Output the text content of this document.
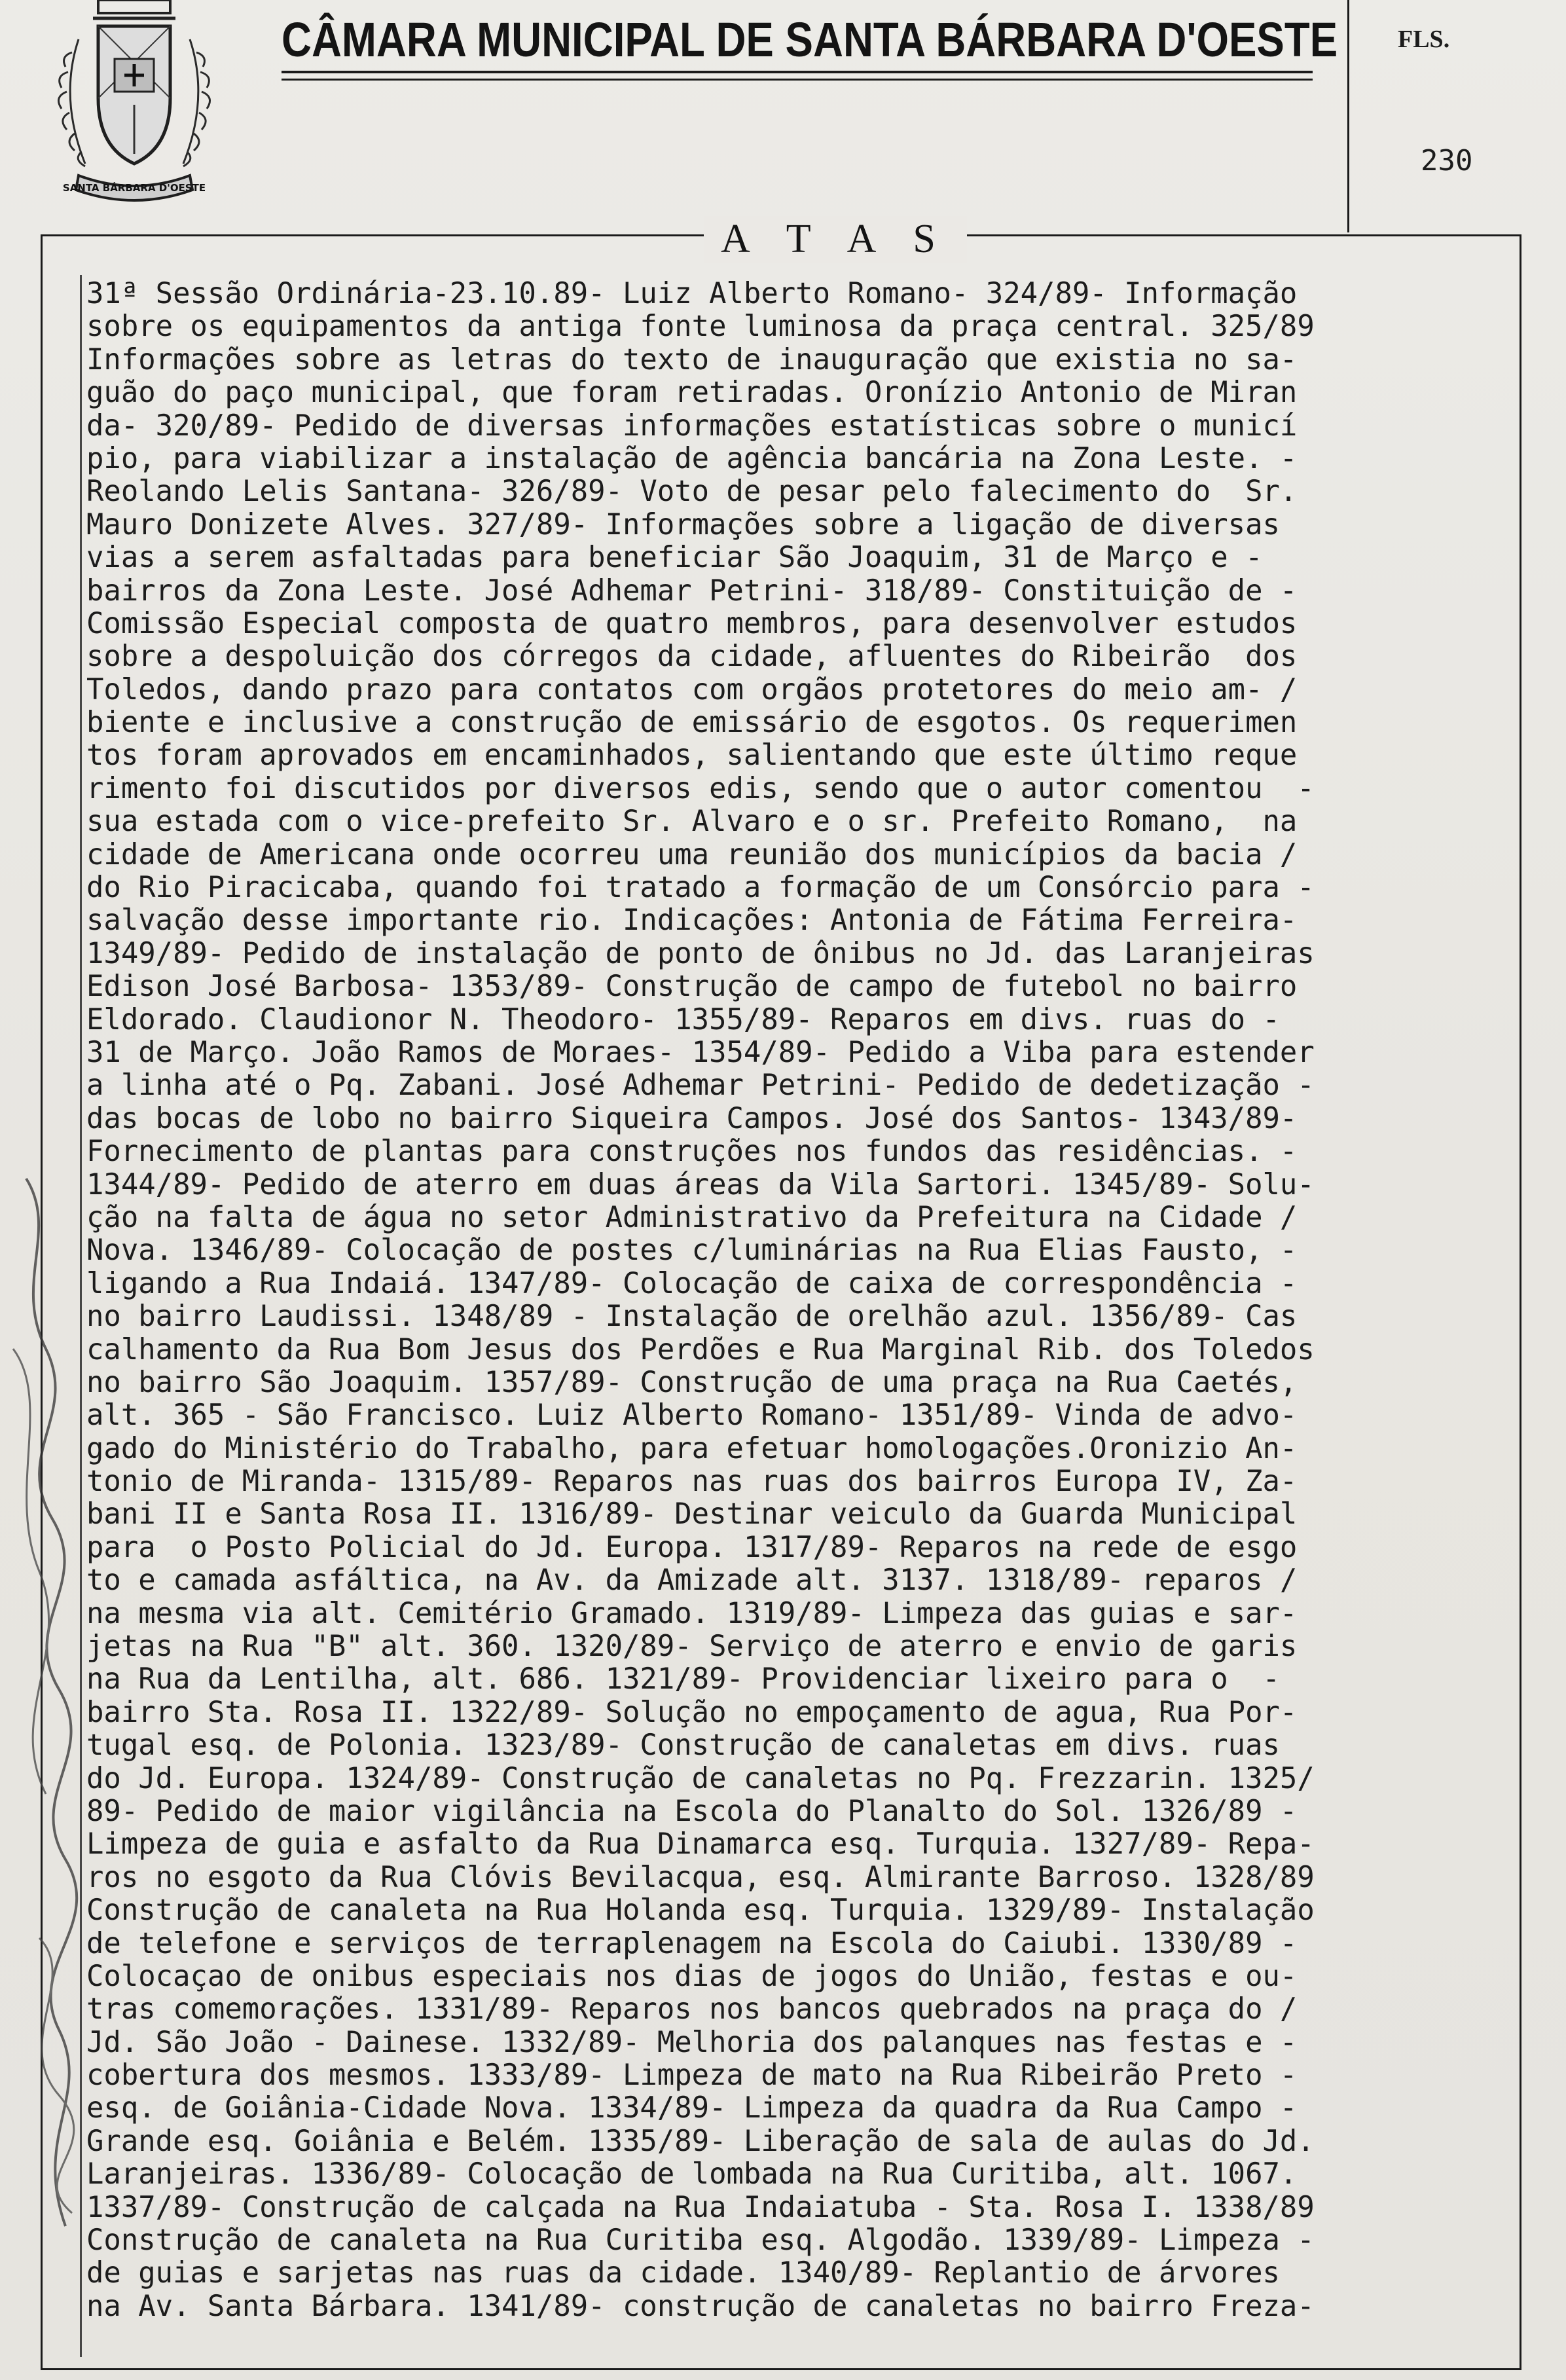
SANTA BÁRBARA D'OESTE
CÂMARA MUNICIPAL DE SANTA BÁRBARA D'OESTE FLS.
230
A T A S
31ª Sessão Ordinária-23.10.89- Luiz Alberto Romano- 324/89- Informação
sobre os equipamentos da antiga fonte luminosa da praça central. 325/89
Informações sobre as letras do texto de inauguração que existia no sa-
guão do paço municipal, que foram retiradas. Oronízio Antonio de Miran
da- 320/89- Pedido de diversas informações estatísticas sobre o municí
pio, para viabilizar a instalação de agência bancária na Zona Leste. -
Reolando Lelis Santana- 326/89- Voto de pesar pelo falecimento do  Sr.
Mauro Donizete Alves. 327/89- Informações sobre a ligação de diversas
vias a serem asfaltadas para beneficiar São Joaquim, 31 de Março e -
bairros da Zona Leste. José Adhemar Petrini- 318/89- Constituição de -
Comissão Especial composta de quatro membros, para desenvolver estudos
sobre a despoluição dos córregos da cidade, afluentes do Ribeirão  dos
Toledos, dando prazo para contatos com orgãos protetores do meio am- /
biente e inclusive a construção de emissário de esgotos. Os requerimen
tos foram aprovados em encaminhados, salientando que este último reque
rimento foi discutidos por diversos edis, sendo que o autor comentou  -
sua estada com o vice-prefeito Sr. Alvaro e o sr. Prefeito Romano,  na
cidade de Americana onde ocorreu uma reunião dos municípios da bacia /
do Rio Piracicaba, quando foi tratado a formação de um Consórcio para -
salvação desse importante rio. Indicações: Antonia de Fátima Ferreira-
1349/89- Pedido de instalação de ponto de ônibus no Jd. das Laranjeiras
Edison José Barbosa- 1353/89- Construção de campo de futebol no bairro
Eldorado. Claudionor N. Theodoro- 1355/89- Reparos em divs. ruas do -
31 de Março. João Ramos de Moraes- 1354/89- Pedido a Viba para estender
a linha até o Pq. Zabani. José Adhemar Petrini- Pedido de dedetização -
das bocas de lobo no bairro Siqueira Campos. José dos Santos- 1343/89-
Fornecimento de plantas para construções nos fundos das residências. -
1344/89- Pedido de aterro em duas áreas da Vila Sartori. 1345/89- Solu-
ção na falta de água no setor Administrativo da Prefeitura na Cidade /
Nova. 1346/89- Colocação de postes c/luminárias na Rua Elias Fausto, -
ligando a Rua Indaiá. 1347/89- Colocação de caixa de correspondência -
no bairro Laudissi. 1348/89 - Instalação de orelhão azul. 1356/89- Cas
calhamento da Rua Bom Jesus dos Perdões e Rua Marginal Rib. dos Toledos
no bairro São Joaquim. 1357/89- Construção de uma praça na Rua Caetés,
alt. 365 - São Francisco. Luiz Alberto Romano- 1351/89- Vinda de advo-
gado do Ministério do Trabalho, para efetuar homologações.Oronizio An-
tonio de Miranda- 1315/89- Reparos nas ruas dos bairros Europa IV, Za-
bani II e Santa Rosa II. 1316/89- Destinar veiculo da Guarda Municipal
para  o Posto Policial do Jd. Europa. 1317/89- Reparos na rede de esgo
to e camada asfáltica, na Av. da Amizade alt. 3137. 1318/89- reparos /
na mesma via alt. Cemitério Gramado. 1319/89- Limpeza das guias e sar-
jetas na Rua "B" alt. 360. 1320/89- Serviço de aterro e envio de garis
na Rua da Lentilha, alt. 686. 1321/89- Providenciar lixeiro para o  -
bairro Sta. Rosa II. 1322/89- Solução no empoçamento de agua, Rua Por-
tugal esq. de Polonia. 1323/89- Construção de canaletas em divs. ruas
do Jd. Europa. 1324/89- Construção de canaletas no Pq. Frezzarin. 1325/
89- Pedido de maior vigilância na Escola do Planalto do Sol. 1326/89 -
Limpeza de guia e asfalto da Rua Dinamarca esq. Turquia. 1327/89- Repa-
ros no esgoto da Rua Clóvis Bevilacqua, esq. Almirante Barroso. 1328/89
Construção de canaleta na Rua Holanda esq. Turquia. 1329/89- Instalação
de telefone e serviços de terraplenagem na Escola do Caiubi. 1330/89 -
Colocaçao de onibus especiais nos dias de jogos do União, festas e ou-
tras comemorações. 1331/89- Reparos nos bancos quebrados na praça do /
Jd. São João - Dainese. 1332/89- Melhoria dos palanques nas festas e -
cobertura dos mesmos. 1333/89- Limpeza de mato na Rua Ribeirão Preto -
esq. de Goiânia-Cidade Nova. 1334/89- Limpeza da quadra da Rua Campo -
Grande esq. Goiânia e Belém. 1335/89- Liberação de sala de aulas do Jd.
Laranjeiras. 1336/89- Colocação de lombada na Rua Curitiba, alt. 1067.
1337/89- Construção de calçada na Rua Indaiatuba - Sta. Rosa I. 1338/89
Construção de canaleta na Rua Curitiba esq. Algodão. 1339/89- Limpeza -
de guias e sarjetas nas ruas da cidade. 1340/89- Replantio de árvores
na Av. Santa Bárbara. 1341/89- construção de canaletas no bairro Freza-
